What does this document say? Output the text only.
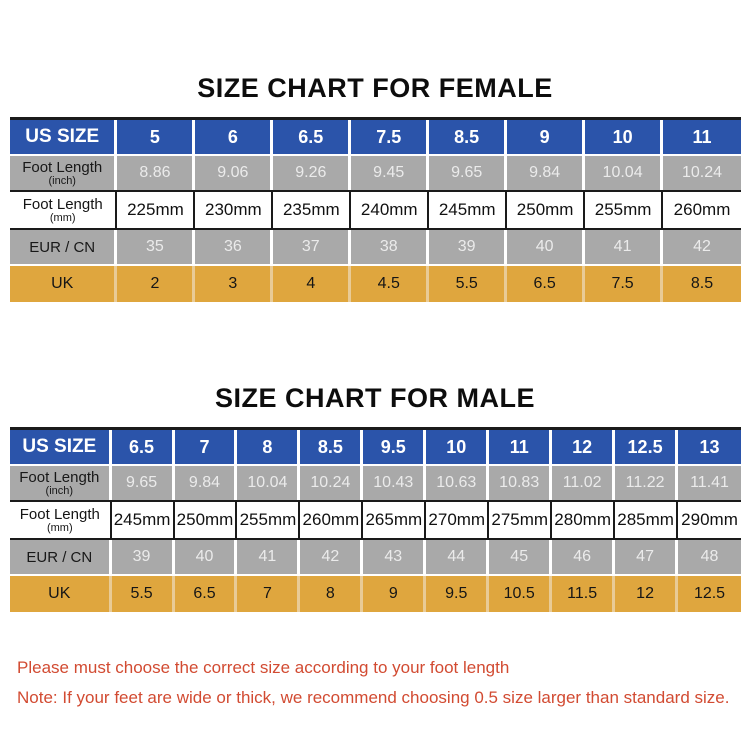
SIZE CHART FOR FEMALE
US SIZE	5	6	6.5	7.5	8.5	9	10	11
Foot Length
(inch)	8.86	9.06	9.26	9.45	9.65	9.84	10.04 10.24
Foot Length
(mm)	225mm 230mm 235mm 240mm 245mm 250mm 255mm 260mm
EUR / CN	35	36	37	38	39	40	41	42
UK	2	3	4	4.5	5.5	6.5	7.5	8.5
SIZE CHART FOR MALE
US SIZE 6.5	7	8	8.5 9.5 10 11 12 12.5 13
Foot Length
(inch)	9.65 9.84 10.04 10.24 10.43 10.63 10.83 11.02 11.22 11.41
Foot Length
(mm) 245mm 250mm 255mm 260mm 265mm 270mm 275mm 280mm 285mm 290mm
EUR / CN	39	40	41	42	43	44	45	46	47	48
UK	5.5	6.5	7	8	9	9.5 10.5 11.5 12 12.5

Please must choose the correct size according to your foot length

Note: If your feet are wide or thick, we recommend choosing 0.5 size larger than standard size.
